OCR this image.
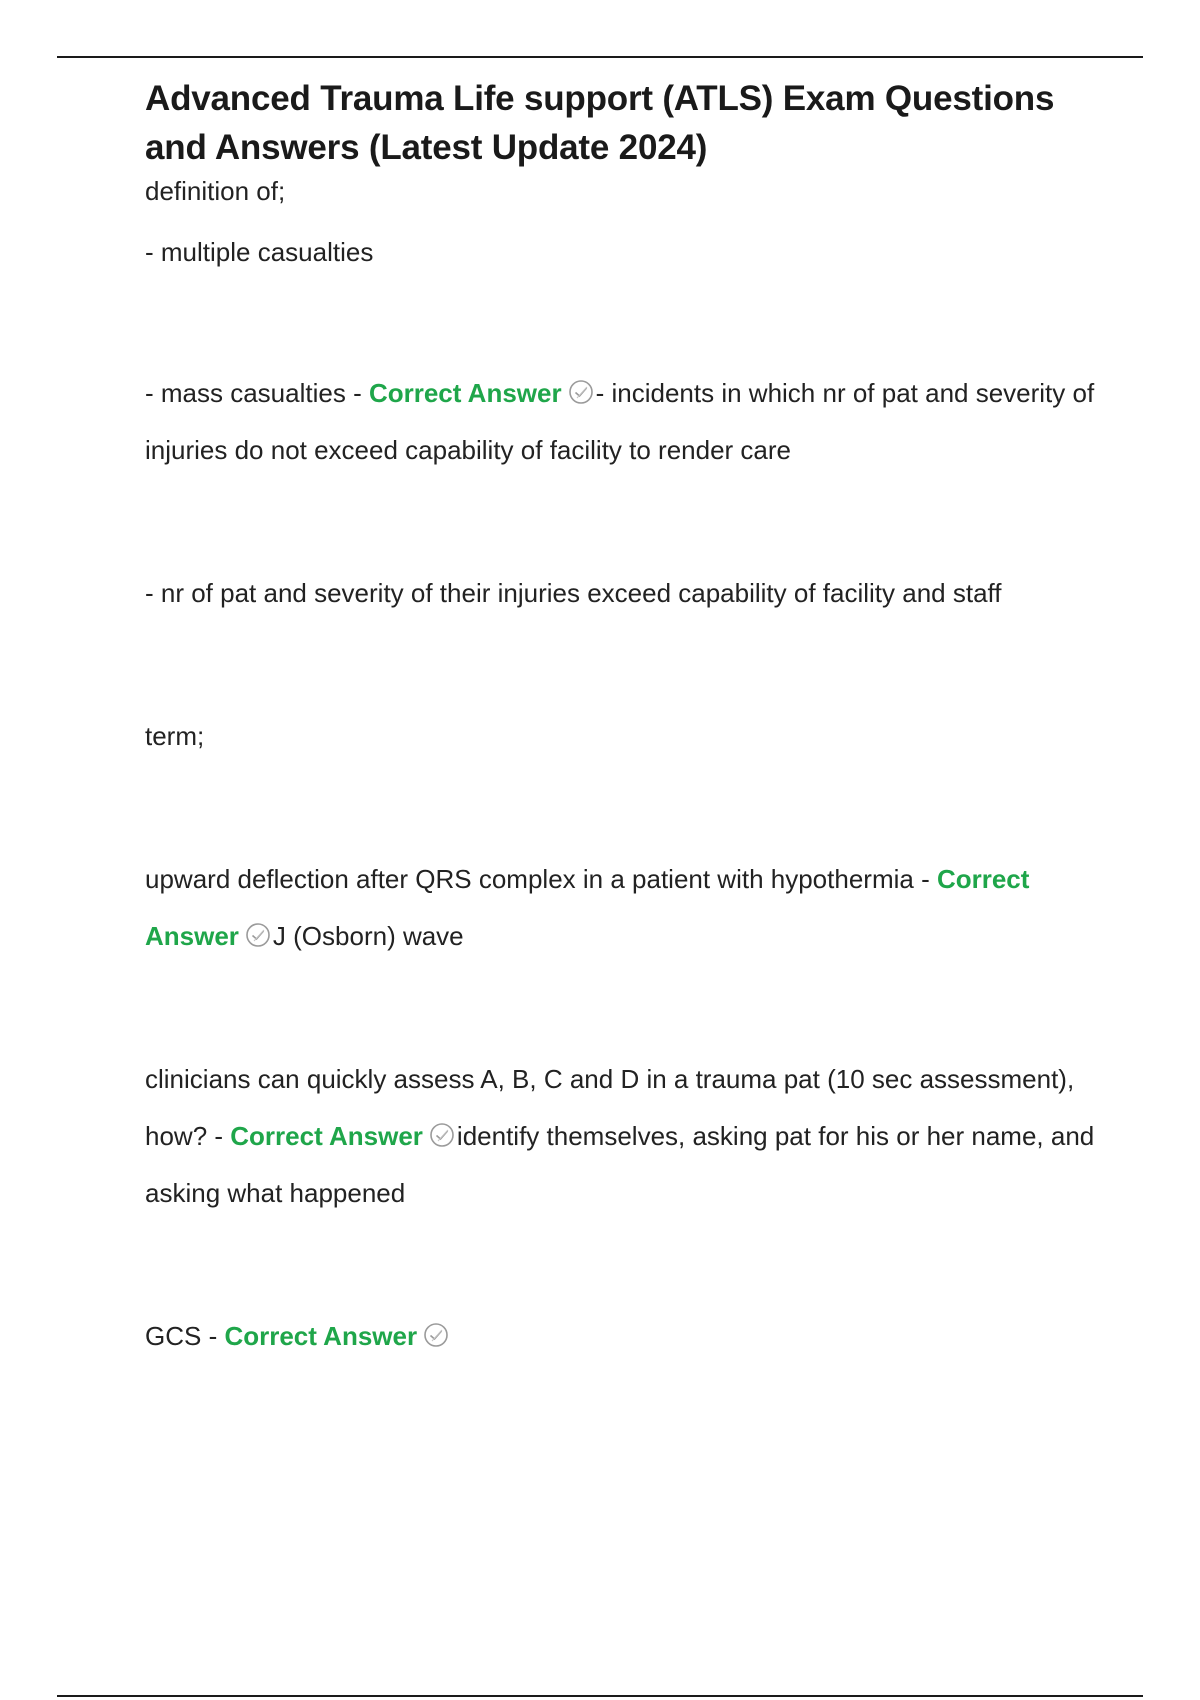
Advanced Trauma Life support (ATLS) Exam Questions and Answers (Latest Update 2024)

definition of;

- multiple casualties

- mass casualties - Correct Answer - incidents in which nr of pat and severity of injuries do not exceed capability of facility to render care

- nr of pat and severity of their injuries exceed capability of facility and staff

term;

upward deflection after QRS complex in a patient with hypothermia - Correct Answer J (Osborn) wave

clinicians can quickly assess A, B, C and D in a trauma pat (10 sec assessment), how? - Correct Answer identify themselves, asking pat for his or her name, and asking what happened

GCS - Correct Answer
